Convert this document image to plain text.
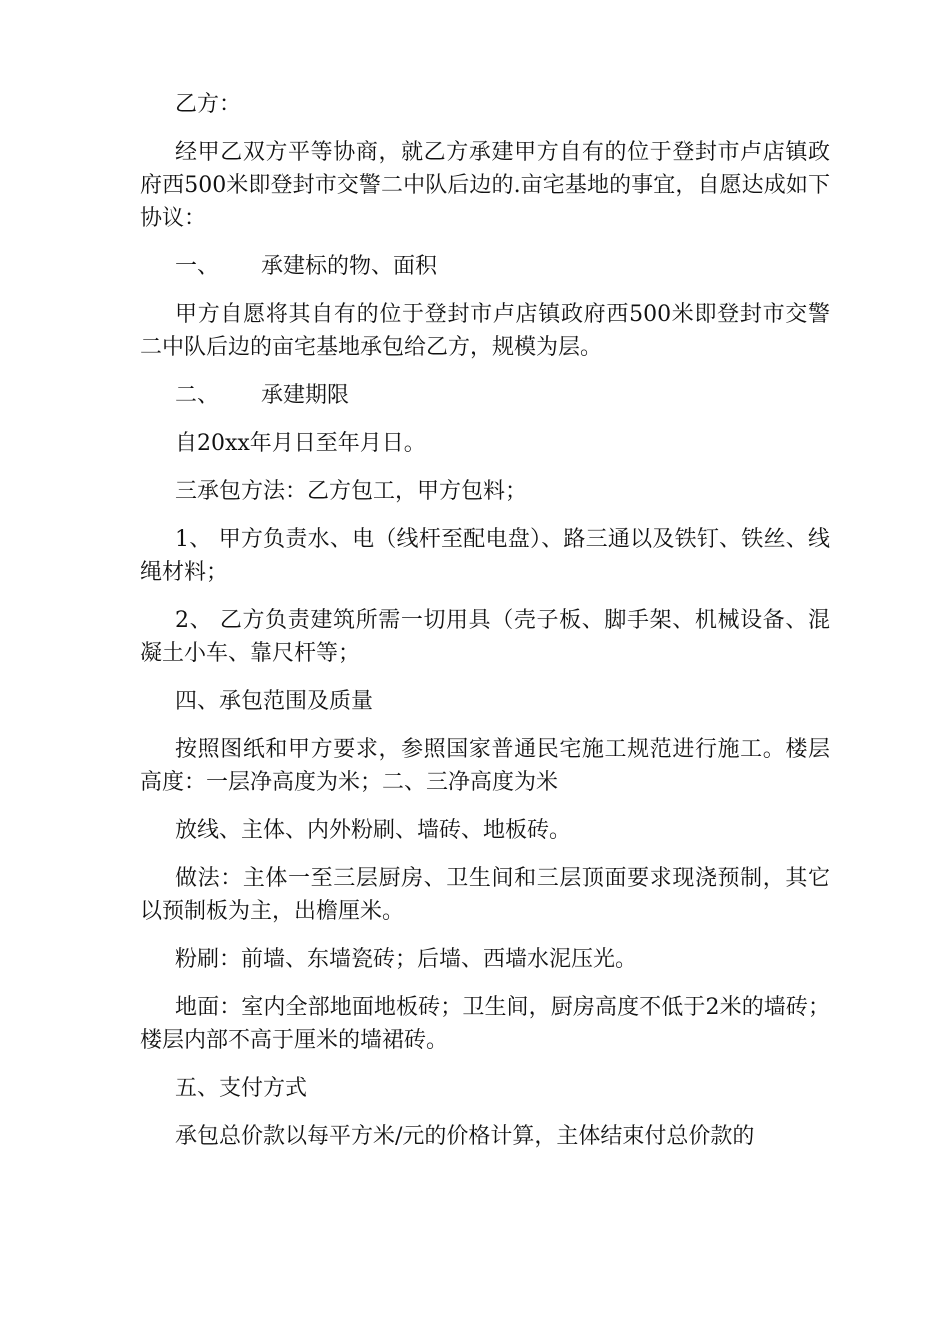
乙方：

经甲乙双方平等协商，就乙方承建甲方自有的位于登封市卢店镇政府西500米即登封市交警二中队后边的.亩宅基地的事宜，自愿达成如下协议：

一、 承建标的物、面积

甲方自愿将其自有的位于登封市卢店镇政府西500米即登封市交警二中队后边的亩宅基地承包给乙方，规模为层。

二、 承建期限

自20xx年月日至年月日。

三承包方法：乙方包工，甲方包料；

1、 甲方负责水、电（线杆至配电盘）、路三通以及铁钉、铁丝、线绳材料；

2、 乙方负责建筑所需一切用具（壳子板、脚手架、机械设备、混凝土小车、靠尺杆等；

四、承包范围及质量

按照图纸和甲方要求，参照国家普通民宅施工规范进行施工。楼层高度：一层净高度为米；二、三净高度为米

放线、主体、内外粉刷、墙砖、地板砖。

做法：主体一至三层厨房、卫生间和三层顶面要求现浇预制，其它以预制板为主，出檐厘米。

粉刷：前墙、东墙瓷砖；后墙、西墙水泥压光。

地面：室内全部地面地板砖；卫生间，厨房高度不低于2米的墙砖；楼层内部不高于厘米的墙裙砖。

五、支付方式

承包总价款以每平方米/元的价格计算，主体结束付总价款的
